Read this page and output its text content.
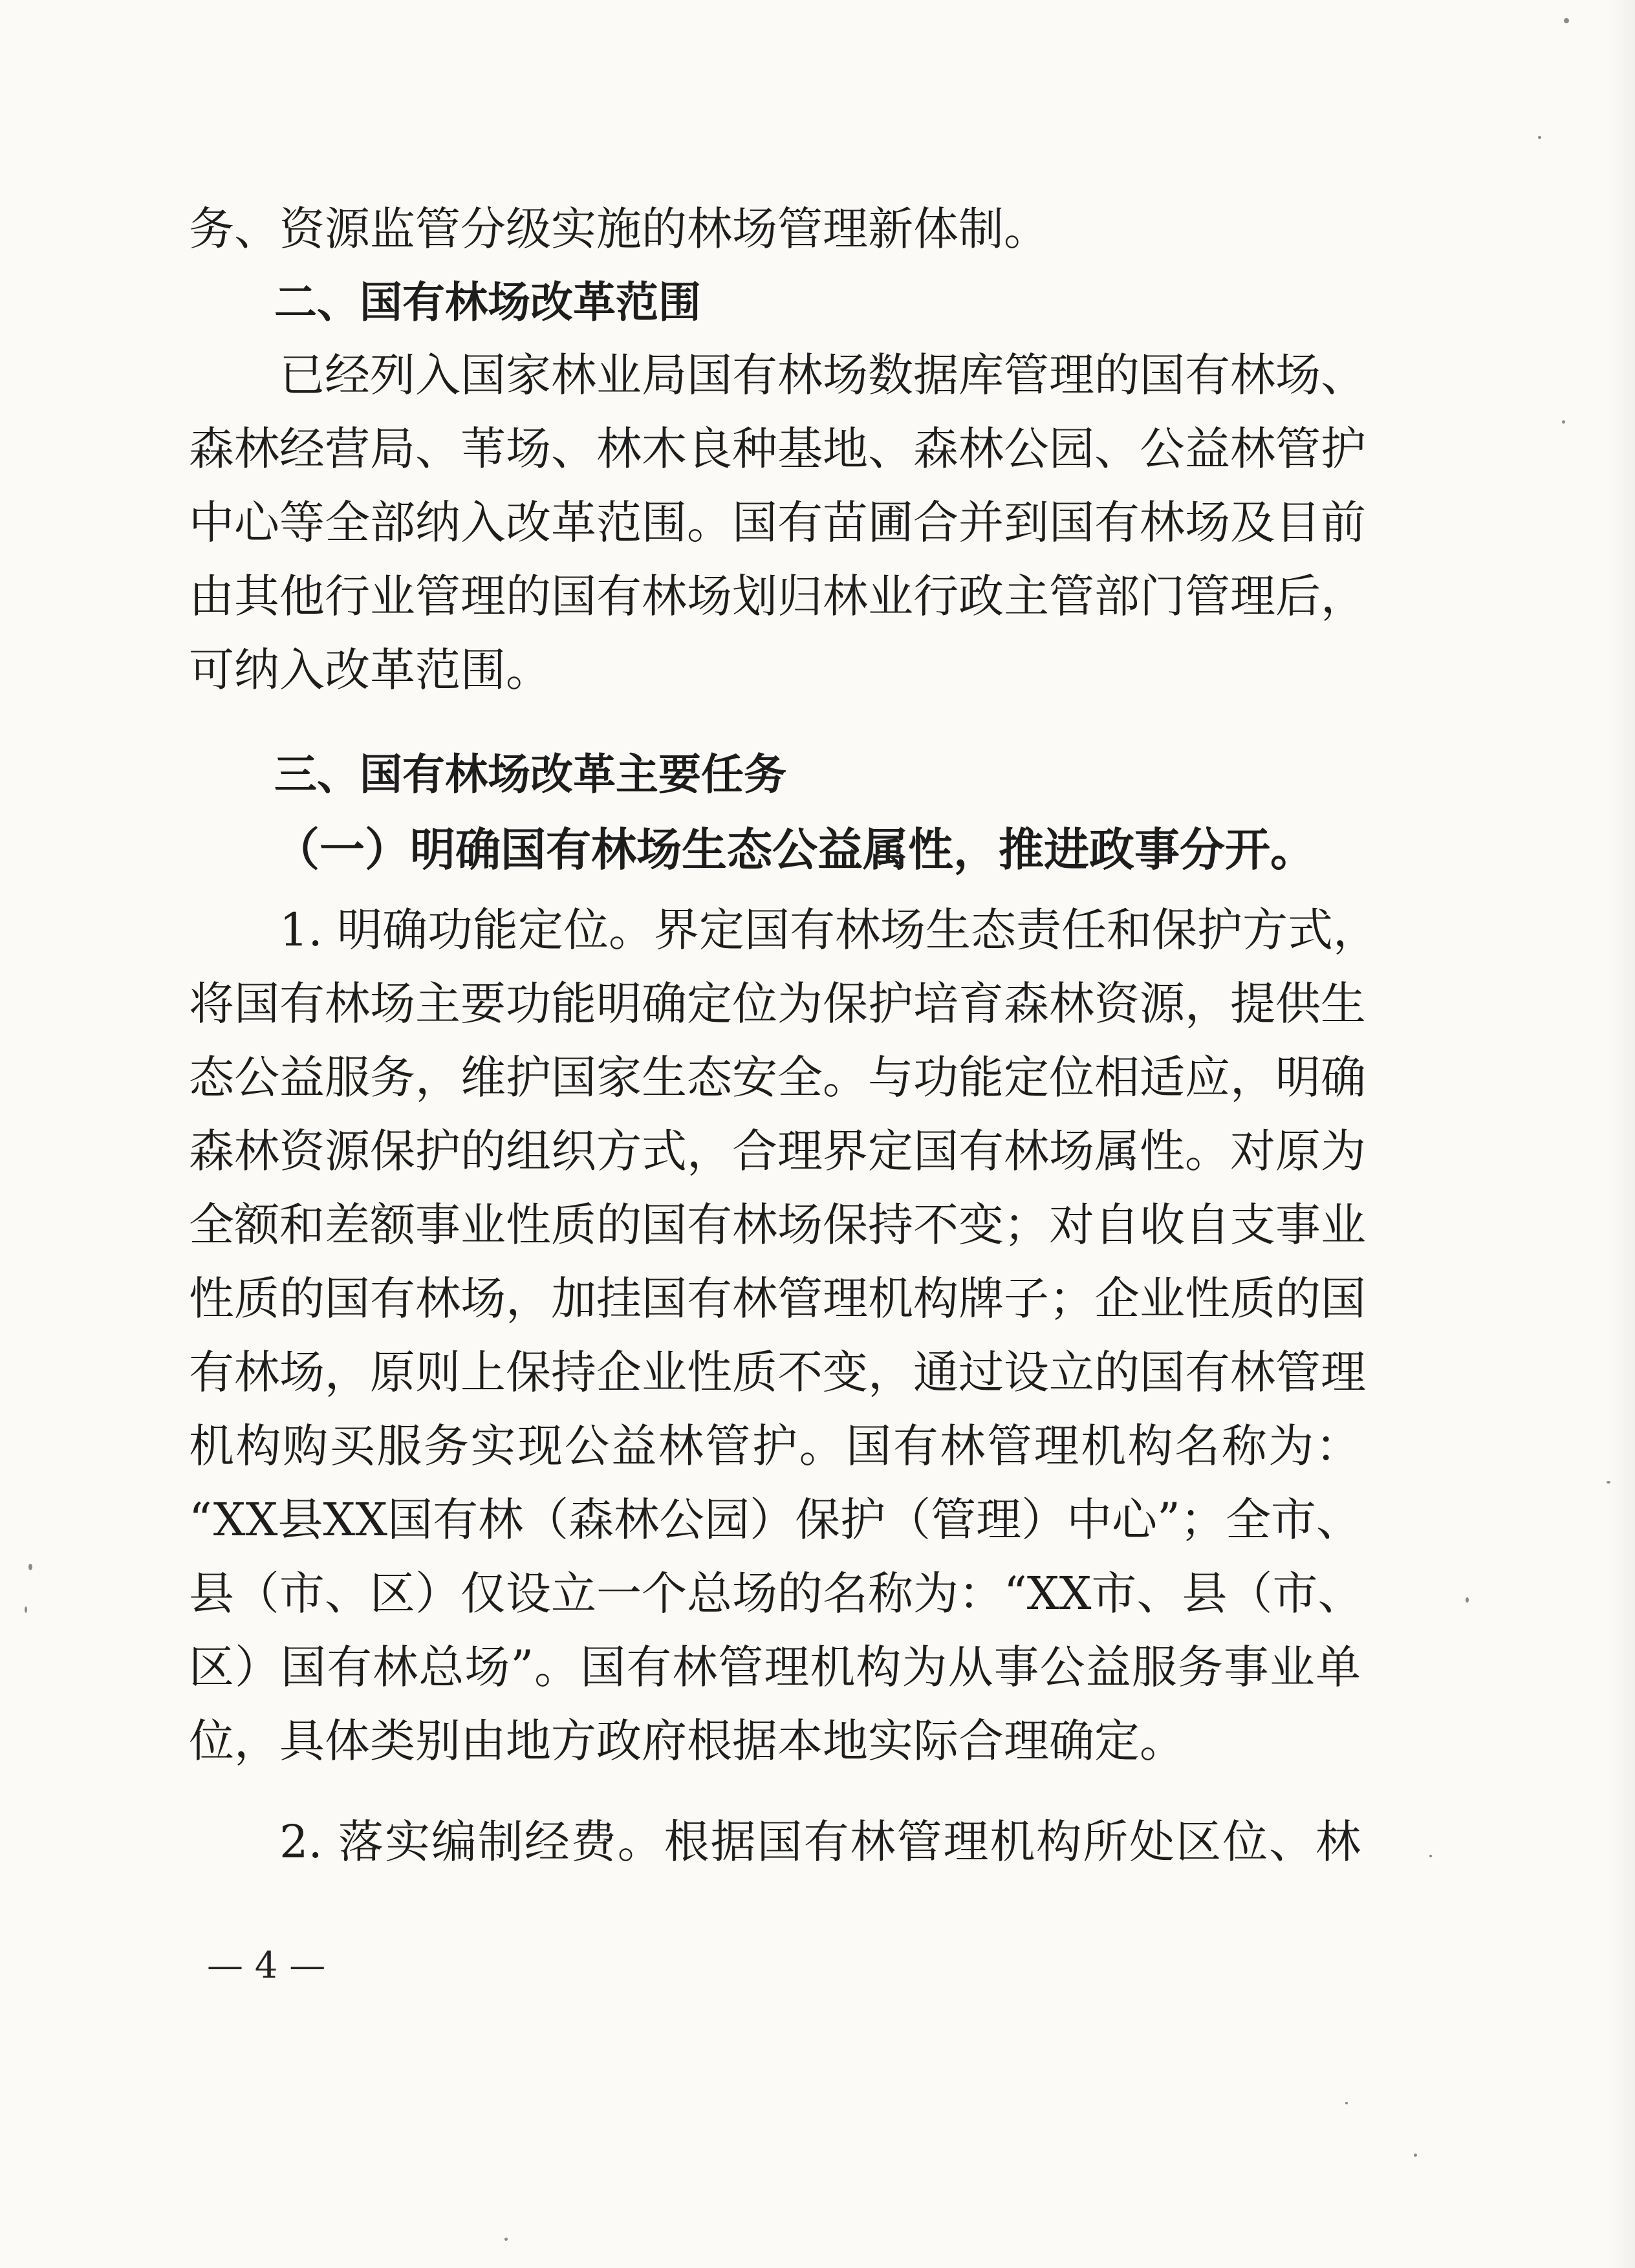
务、资源监管分级实施的林场管理新体制。
二、国有林场改革范围
已经列入国家林业局国有林场数据库管理的国有林场、
森林经营局、苇场、林木良种基地、森林公园、公益林管护
中心等全部纳入改革范围。国有苗圃合并到国有林场及目前
由其他行业管理的国有林场划归林业行政主管部门管理后，
可纳入改革范围。
三、国有林场改革主要任务
（一）明确国有林场生态公益属性，推进政事分开。
1. 明确功能定位。界定国有林场生态责任和保护方式，
将国有林场主要功能明确定位为保护培育森林资源，提供生
态公益服务，维护国家生态安全。与功能定位相适应，明确
森林资源保护的组织方式，合理界定国有林场属性。对原为
全额和差额事业性质的国有林场保持不变；对自收自支事业
性质的国有林场，加挂国有林管理机构牌子；企业性质的国
有林场，原则上保持企业性质不变，通过设立的国有林管理
机构购买服务实现公益林管护。国有林管理机构名称为：
“XX县XX国有林（森林公园）保护（管理）中心”；全市、
县（市、区）仅设立一个总场的名称为：“XX市、县（市、
区）国有林总场”。国有林管理机构为从事公益服务事业单
位，具体类别由地方政府根据本地实际合理确定。
2. 落实编制经费。根据国有林管理机构所处区位、林
— 4 —
